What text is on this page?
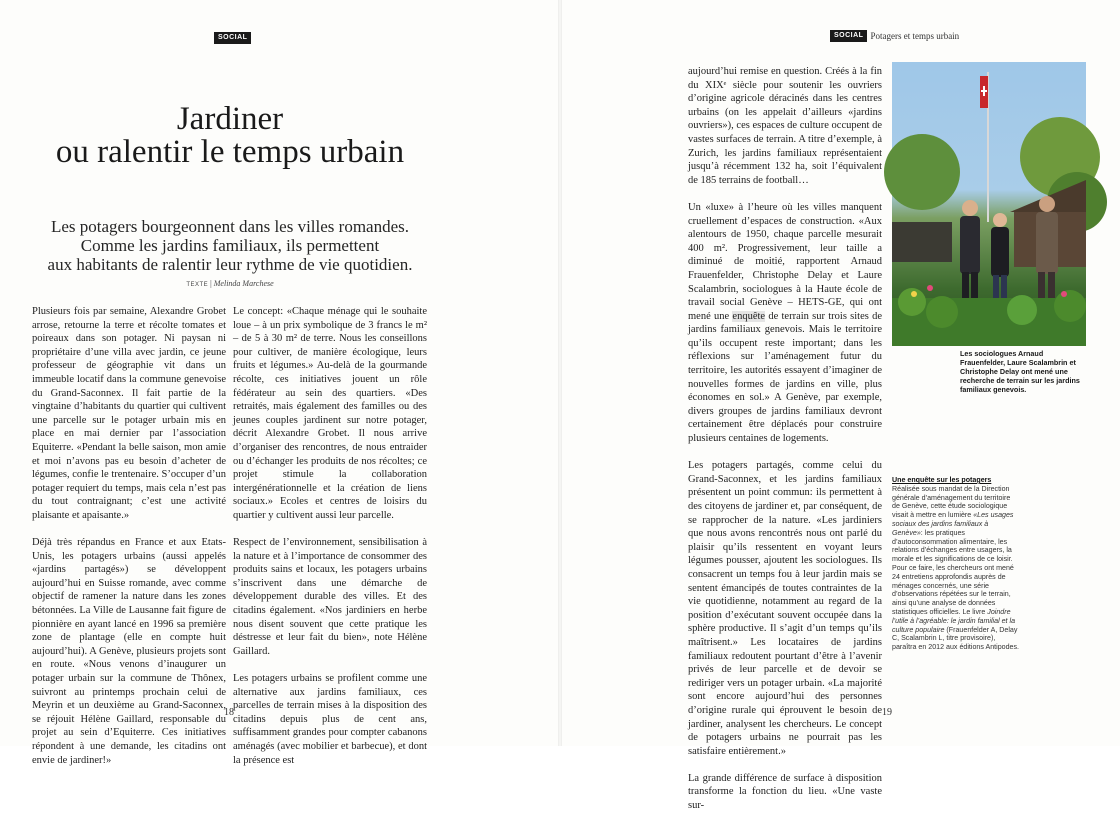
SOCIAL
Jardiner
ou ralentir le temps urbain
Les potagers bourgeonnent dans les villes romandes.
Comme les jardins familiaux, ils permettent
aux habitants de ralentir leur rythme de vie quotidien.
TEXTE | Melinda Marchese

Plusieurs fois par semaine, Alexandre Grobet arrose, retourne la terre et récolte tomates et poireaux dans son potager. Ni paysan ni propriétaire d’une villa avec jardin, ce jeune professeur de géographie vit dans un immeuble locatif dans la commune genevoise du Grand-Saconnex. Il fait partie de la vingtaine d’habitants du quartier qui cultivent une parcelle sur le potager urbain mis en place en mai dernier par l’association Equiterre. «Pendant la belle saison, mon amie et moi n’avons pas eu besoin d’acheter de légumes, confie le trentenaire. S’occuper d’un potager requiert du temps, mais cela n’est pas du tout contraignant; c’est une activité plaisante et apaisante.»

Déjà très répandus en France et aux Etats-Unis, les potagers urbains (aussi appelés «jardins partagés») se développent aujourd’hui en Suisse romande, avec comme objectif de ramener la nature dans les zones bétonnées. La Ville de Lausanne fait figure de pionnière en ayant lancé en 1996 sa première zone de plantage (elle en compte huit aujourd’hui). A Genève, plusieurs projets sont en route. «Nous venons d’inaugurer un potager urbain sur la commune de Thônex, suivront au printemps prochain celui de Meyrin et un deuxième au Grand-Saconnex, se réjouit Hélène Gaillard, responsable du projet au sein d’Equiterre. Ces initiatives répondent à une demande, les citadins ont envie de jardiner!»

Le concept: «Chaque ménage qui le souhaite loue – à un prix symbolique de 3 francs le m² – de 5 à 30 m² de terre. Nous les conseillons pour cultiver, de manière écologique, leurs fruits et légumes.» Au-delà de la gourmande récolte, ces initiatives jouent un rôle fédérateur au sein des quartiers. «Des retraités, mais également des familles ou des jeunes couples jardinent sur notre potager, décrit Alexandre Grobet. Il nous arrive d’organiser des rencontres, de nous entraider ou d’échanger les produits de nos récoltes; ce projet stimule la collaboration intergénérationnelle et la création de liens sociaux.» Ecoles et centres de loisirs du quartier y cultivent aussi leur parcelle.

Respect de l’environnement, sensibilisation à la nature et à l’importance de consommer des produits sains et locaux, les potagers urbains s’inscrivent dans une démarche de développement durable des villes. Et des citadins également. «Nos jardiniers en herbe nous disent souvent que cette pratique les déstresse et leur fait du bien», note Hélène Gaillard.

Les potagers urbains se profilent comme une alternative aux jardins familiaux, ces parcelles de terrain mises à la disposition des citadins depuis plus de cent ans, suffisamment grandes pour compter cabanons aménagés (avec mobilier et barbecue), et dont la présence est

18
SOCIAL Potagers et temps urbain

aujourd’hui remise en question. Créés à la fin du XIXᵉ siècle pour soutenir les ouvriers d’origine agricole déracinés dans les centres urbains (on les appelait d’ailleurs «jardins ouvriers»), ces espaces de culture occupent de vastes surfaces de terrain. A titre d’exemple, à Zurich, les jardins familiaux représentaient jusqu’à récemment 132 ha, soit l’équivalent de 185 terrains de football…

Un «luxe» à l’heure où les villes manquent cruellement d’espaces de construction. «Aux alentours de 1950, chaque parcelle mesurait 400 m². Progressivement, leur taille a diminué de moitié, rapportent Arnaud Frauenfelder, Christophe Delay et Laure Scalambrin, sociologues à la Haute école de travail social Genève – HETS-GE, qui ont mené une enquête de terrain sur trois sites de jardins familiaux genevois. Mais le territoire qu’ils occupent reste important; dans les réflexions sur l’aménagement futur du territoire, les autorités essayent d’imaginer de nouvelles formes de jardins en ville, plus économes en sol.» A Genève, par exemple, divers groupes de jardins familiaux devront certainement être déplacés pour construire plusieurs centaines de logements.

Les potagers partagés, comme celui du Grand-Saconnex, et les jardins familiaux présentent un point commun: ils permettent à des citoyens de jardiner et, par conséquent, de se rapprocher de la nature. «Les jardiniers que nous avons rencontrés nous ont parlé du plaisir qu’ils ressentent en voyant leurs légumes pousser, ajoutent les sociologues. Ils consacrent un temps fou à leur jardin mais se sentent émancipés de toutes contraintes de la vie quotidienne, notamment au regard de la position d’exécutant souvent occupée dans la sphère productive. Il s’agit d’un temps qu’ils maîtrisent.» Les locataires de jardins familiaux redoutent pourtant d’être à l’avenir privés de leur parcelle et de devoir se rediriger vers un potager urbain. «La majorité sont encore aujourd’hui des personnes d’origine rurale qui éprouvent le besoin de jardiner, analysent les chercheurs. Le concept de potagers urbains ne pourrait pas les satisfaire entièrement.»

La grande différence de surface à disposition transforme la fonction du lieu. «Une vaste sur-

Les sociologues Arnaud Frauenfelder, Laure Scalambrin et Christophe Delay ont mené une recherche de terrain sur les jardins familiaux genevois.
Une enquête sur les potagers
Réalisée sous mandat de la Direction générale d’aménagement du territoire de Genève, cette étude sociologique visait à mettre en lumière «Les usages sociaux des jardins familiaux à Genève»: les pratiques d’autoconsommation alimentaire, les relations d’échanges entre usagers, la morale et les significations de ce loisir. Pour ce faire, les chercheurs ont mené 24 entretiens approfondis auprès de ménages concernés, une série d’observations répétées sur le terrain, ainsi qu’une analyse de données statistiques officielles. Le livre Joindre l’utile à l’agréable: le jardin familial et la culture populaire (Frauenfelder A, Delay C, Scalambrin L, titre provisoire), paraîtra en 2012 aux éditions Antipodes.
19
